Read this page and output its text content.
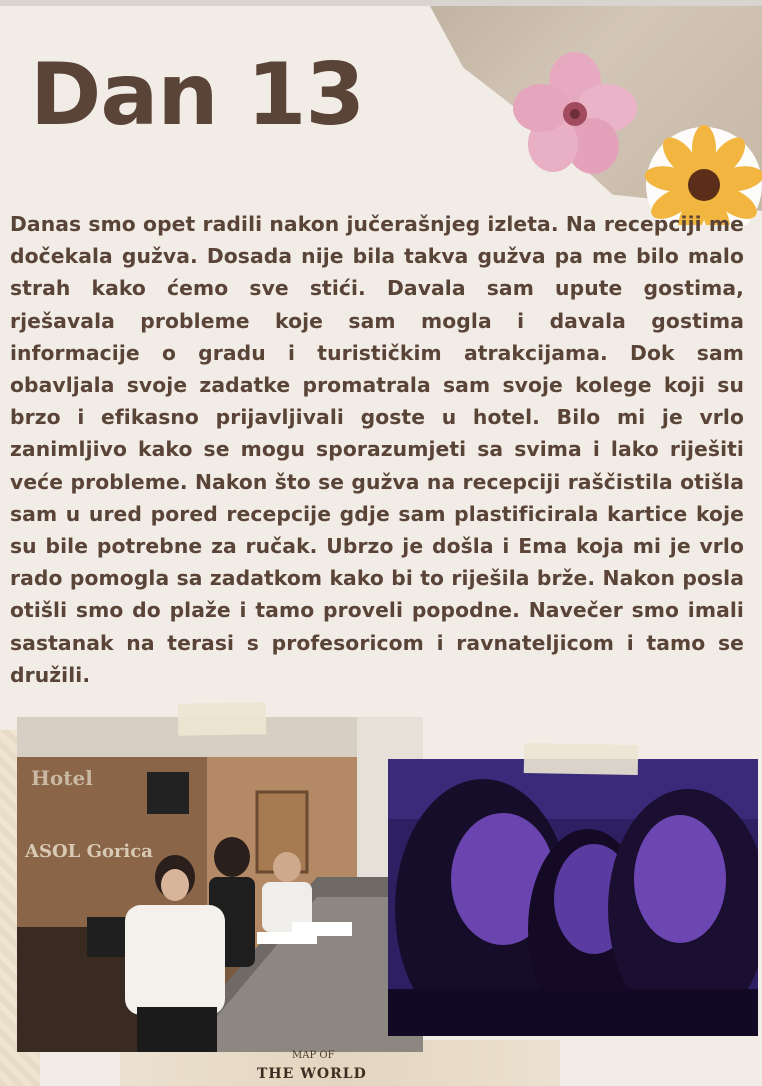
Dan 13

Danas smo opet radili nakon jučerašnjeg izleta. Na recepciji me dočekala gužva. Dosada nije bila takva gužva pa me bilo malo strah kako ćemo sve stići. Davala sam upute gostima, rješavala probleme koje sam mogla i davala gostima informacije o gradu i turističkim atrakcijama. Dok sam obavljala svoje zadatke promatrala sam svoje kolege koji su brzo i efikasno prijavljivali goste u hotel. Bilo mi je vrlo zanimljivo kako se mogu sporazumjeti sa svima i lako riješiti veće probleme. Nakon što se gužva na recepciji raščistila otišla sam u ured pored recepcije gdje sam plastificirala kartice koje su bile potrebne za ručak. Ubrzo je došla i Ema koja mi je vrlo rado pomogla sa zadatkom kako bi to riješila brže. Nakon posla otišli smo do plaže i tamo proveli popodne. Navečer smo imali sastanak na terasi s profesoricom i ravnateljicom i tamo se družili.

Hotel
ASOL Gorica
MAP OF
THE WORLD
